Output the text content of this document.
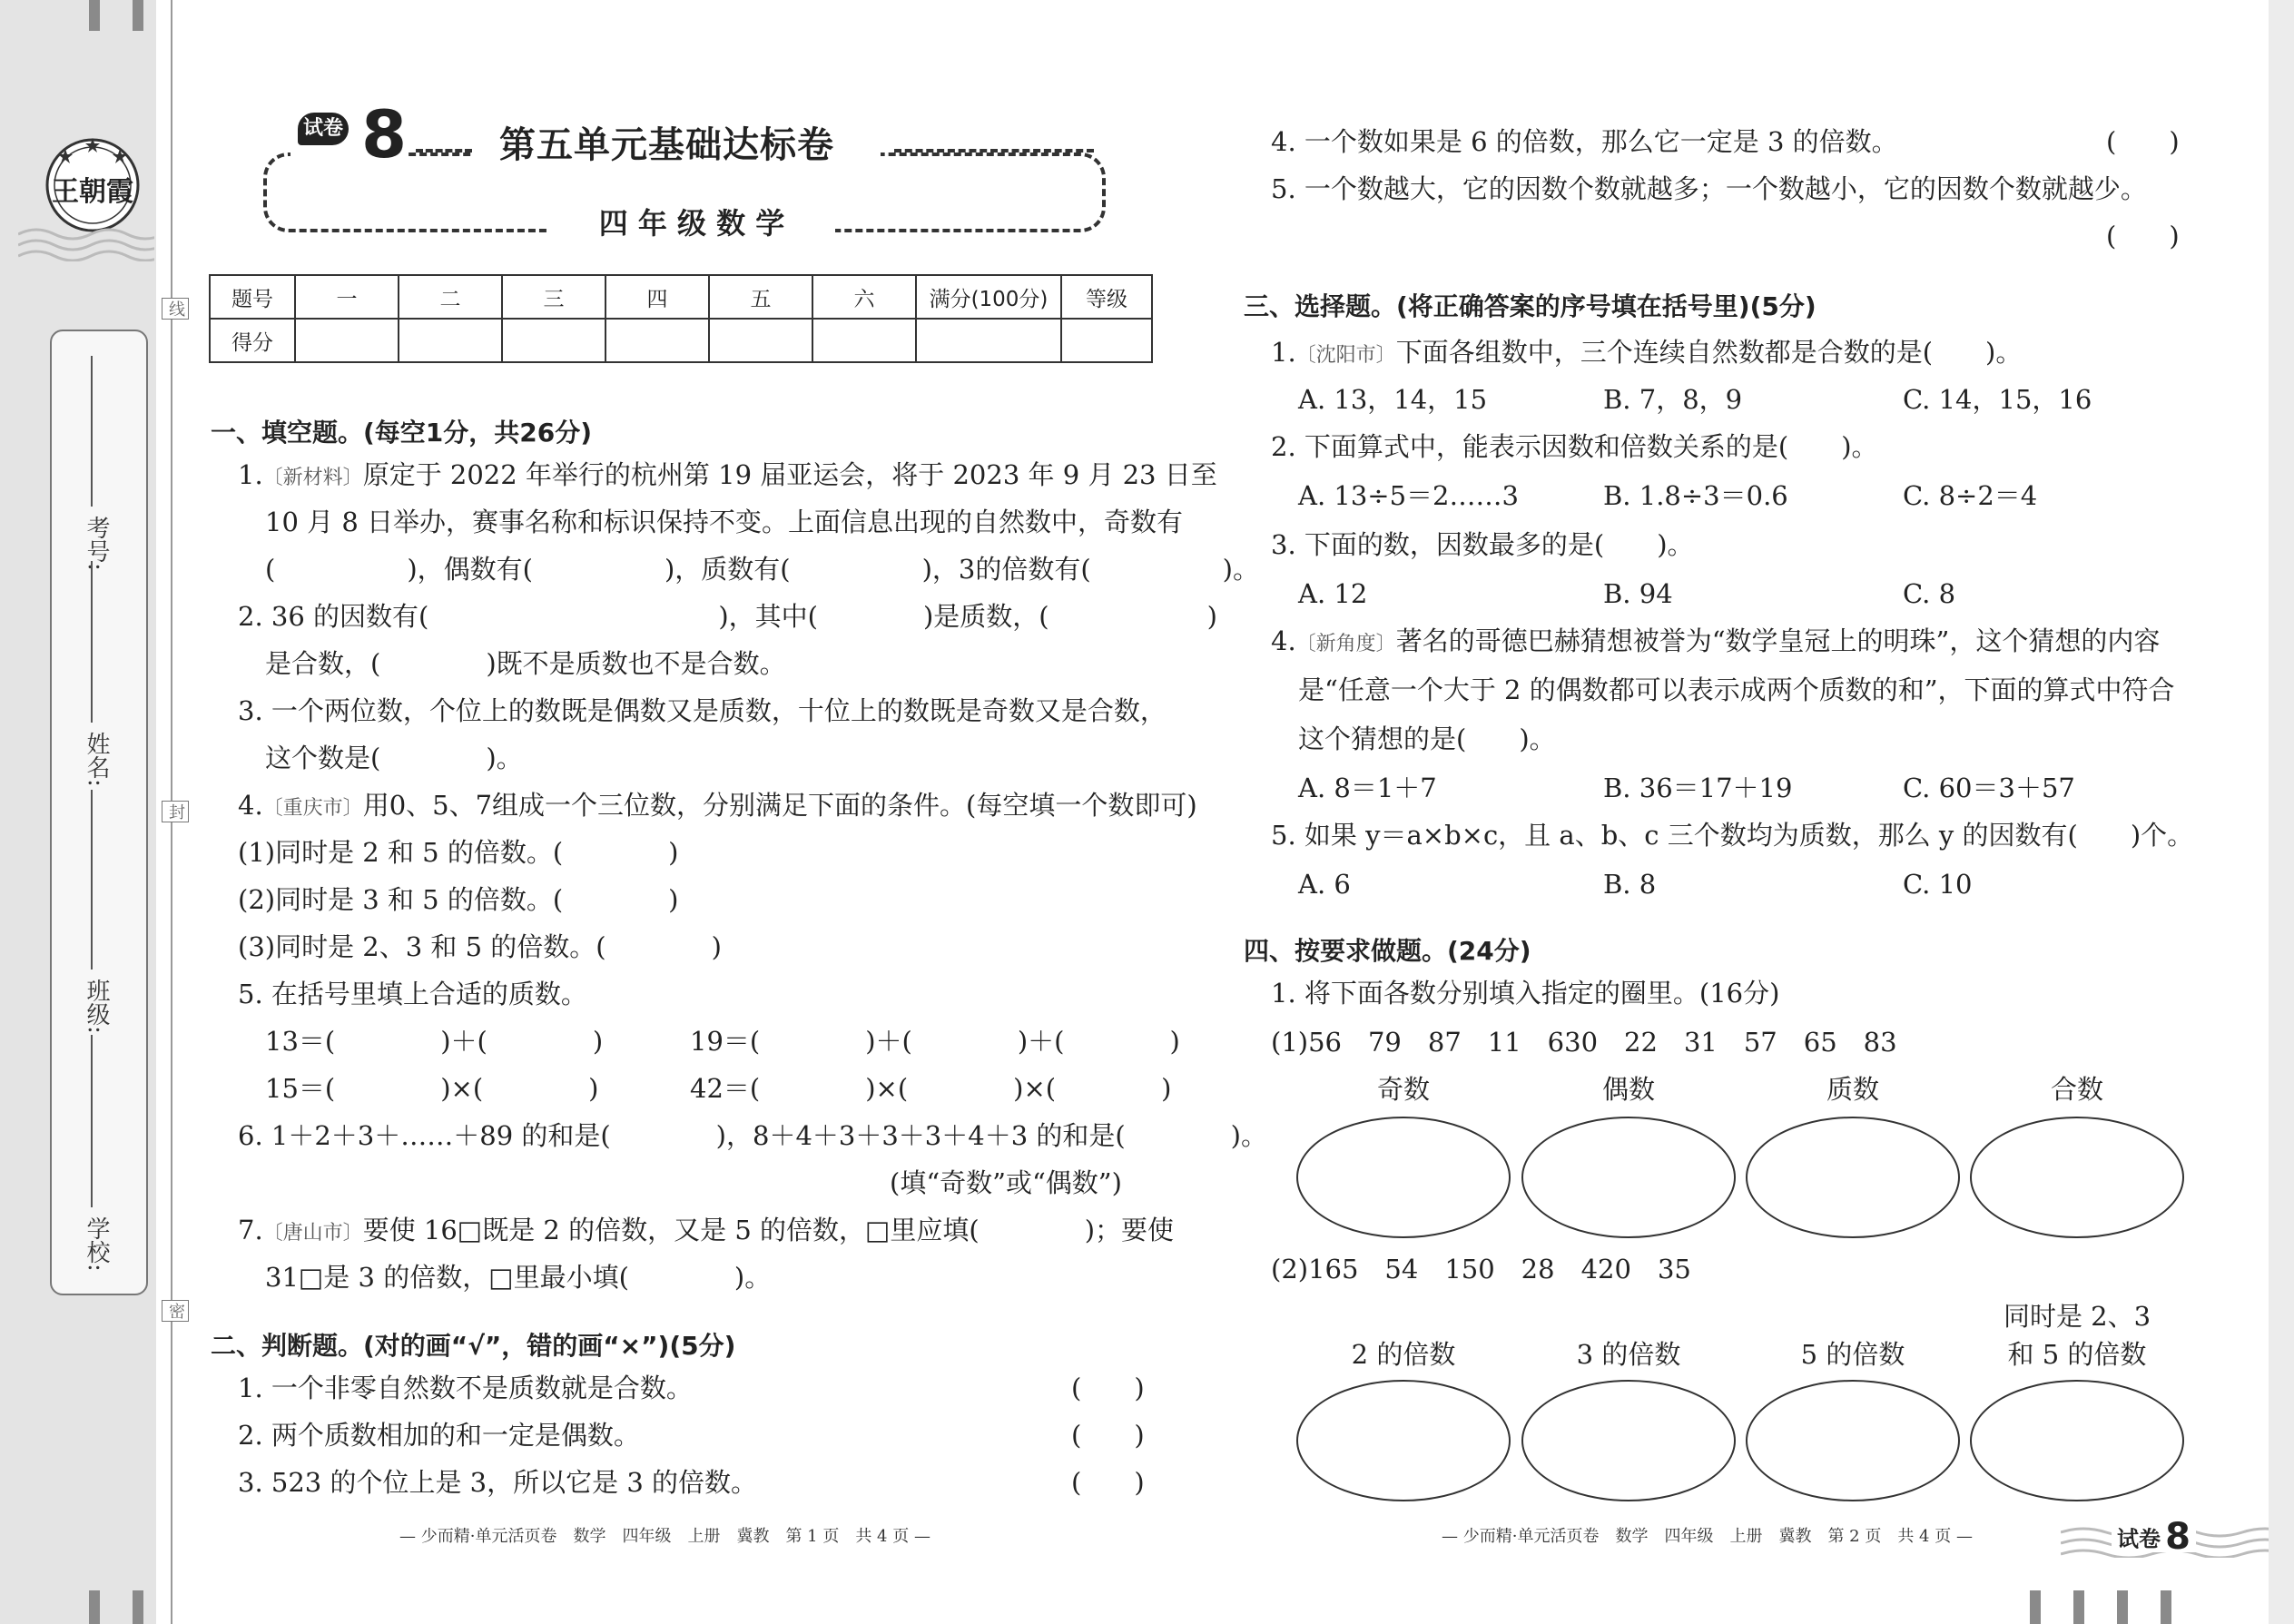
王朝霞
考号:
姓名:
班级:
学校:
线
封
密
试卷 8	第五单元基础达标卷
四 年 级 数 学
题号	一	二	三	四	五	六	满分(100分)	等级
得分								
一、填空题。(每空1分，共26分)
1.〔新材料〕原定于 2022 年举行的杭州第 19 届亚运会，将于 2023 年 9 月 23 日至
10 月 8 日举办，赛事名称和标识保持不变。上面信息出现的自然数中，奇数有
(　　　　　)，偶数有(　　　　　)，质数有(　　　　　)，3的倍数有(　　　　　)。
2. 36 的因数有(　　　　　　　　　　　)，其中(　　　　)是质数，(　　　　　　)
是合数，(　　　　)既不是质数也不是合数。
3. 一个两位数，个位上的数既是偶数又是质数，十位上的数既是奇数又是合数，
这个数是(　　　　)。
4.〔重庆市〕用0、5、7组成一个三位数，分别满足下面的条件。(每空填一个数即可)
(1)同时是 2 和 5 的倍数。(　　　　)
(2)同时是 3 和 5 的倍数。(　　　　)
(3)同时是 2、3 和 5 的倍数。(　　　　)
5. 在括号里填上合适的质数。
13＝(　　　　)＋(　　　　)	19＝(　　　　)＋(　　　　)＋(　　　　)
15＝(　　　　)×(　　　　)	42＝(　　　　)×(　　　　)×(　　　　)
6. 1＋2＋3＋……＋89 的和是(　　　　)，8＋4＋3＋3＋3＋4＋3 的和是(　　　　)。
(填“奇数”或“偶数”)
7.〔唐山市〕要使 16□既是 2 的倍数，又是 5 的倍数，□里应填(　　　　)；要使
31□是 3 的倍数，□里最小填(　　　　)。
二、判断题。(对的画“√”，错的画“×”)(5分)
1. 一个非零自然数不是质数就是合数。	(　　)
2. 两个质数相加的和一定是偶数。	(　　)
3. 523 的个位上是 3，所以它是 3 的倍数。	(　　)
— 少而精·单元活页卷　数学　四年级　上册　冀教　第 1 页　共 4 页 —
4. 一个数如果是 6 的倍数，那么它一定是 3 的倍数。	(　　)
5. 一个数越大，它的因数个数就越多；一个数越小，它的因数个数就越少。
(　　)
三、选择题。(将正确答案的序号填在括号里)(5分)
1.〔沈阳市〕下面各组数中，三个连续自然数都是合数的是(　　)。
A. 13，14，15	B. 7，8，9	C. 14，15，16
2. 下面算式中，能表示因数和倍数关系的是(　　)。
A. 13÷5＝2……3	B. 1.8÷3＝0.6	C. 8÷2＝4
3. 下面的数，因数最多的是(　　)。
A. 12	B. 94	C. 8
4.〔新角度〕著名的哥德巴赫猜想被誉为“数学皇冠上的明珠”，这个猜想的内容
是“任意一个大于 2 的偶数都可以表示成两个质数的和”，下面的算式中符合
这个猜想的是(　　)。
A. 8＝1＋7	B. 36＝17＋19	C. 60＝3＋57
5. 如果 y＝a×b×c，且 a、b、c 三个数均为质数，那么 y 的因数有(　　)个。
A. 6	B. 8	C. 10
四、按要求做题。(24分)
1. 将下面各数分别填入指定的圈里。(16分)
(1)56　79　87　11　630　22　31　57　65　83
奇数	偶数	质数	合数
(2)165　54　150　28　420　35
同时是 2、3
2 的倍数	3 的倍数	5 的倍数	和 5 的倍数
— 少而精·单元活页卷　数学　四年级　上册　冀教　第 2 页　共 4 页 —	试卷 8
